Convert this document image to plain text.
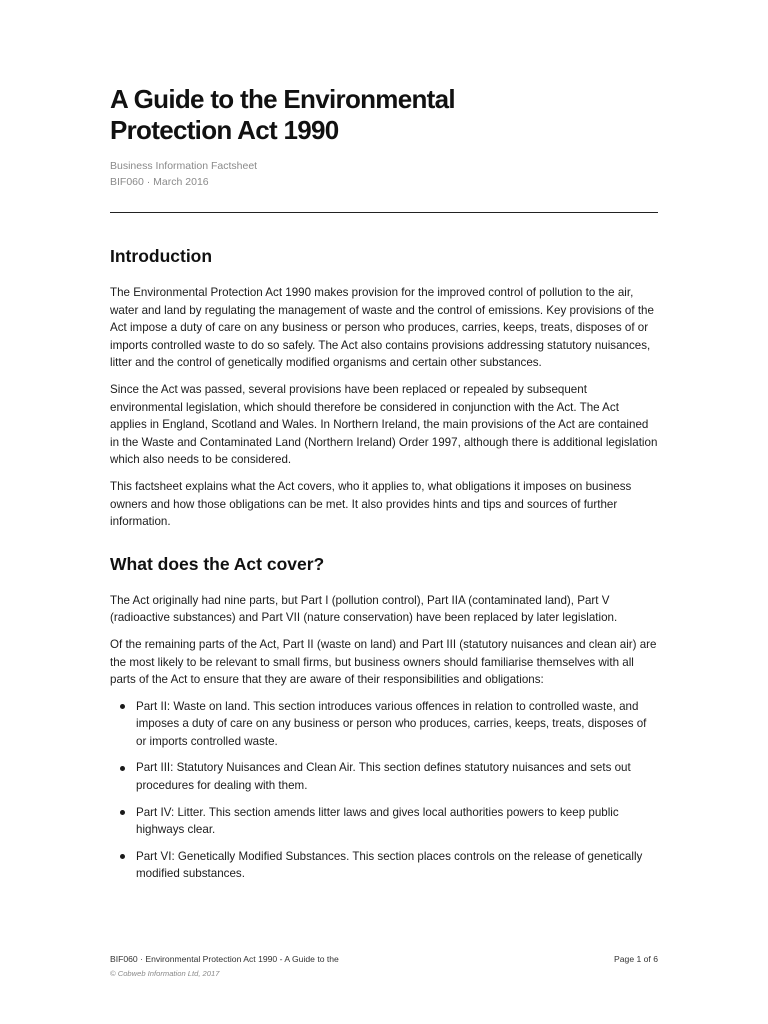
A Guide to the Environmental
Protection Act 1990
Business Information Factsheet
BIF060 · March 2016
Introduction

The Environmental Protection Act 1990 makes provision for the improved control of pollution to the air, water and land by regulating the management of waste and the control of emissions. Key provisions of the Act impose a duty of care on any business or person who produces, carries, keeps, treats, disposes of or imports controlled waste to do so safely. The Act also contains provisions addressing statutory nuisances, litter and the control of genetically modified organisms and certain other substances.

Since the Act was passed, several provisions have been replaced or repealed by subsequent environmental legislation, which should therefore be considered in conjunction with the Act. The Act applies in England, Scotland and Wales. In Northern Ireland, the main provisions of the Act are contained in the Waste and Contaminated Land (Northern Ireland) Order 1997, although there is additional legislation which also needs to be considered.

This factsheet explains what the Act covers, who it applies to, what obligations it imposes on business owners and how those obligations can be met. It also provides hints and tips and sources of further information.

What does the Act cover?

The Act originally had nine parts, but Part I (pollution control), Part IIA (contaminated land), Part V (radioactive substances) and Part VII (nature conservation) have been replaced by later legislation.

Of the remaining parts of the Act, Part II (waste on land) and Part III (statutory nuisances and clean air) are the most likely to be relevant to small firms, but business owners should familiarise themselves with all parts of the Act to ensure that they are aware of their responsibilities and obligations:

Part II: Waste on land. This section introduces various offences in relation to controlled waste, and imposes a duty of care on any business or person who produces, carries, keeps, treats, disposes of or imports controlled waste.
Part III: Statutory Nuisances and Clean Air. This section defines statutory nuisances and sets out procedures for dealing with them.
Part IV: Litter. This section amends litter laws and gives local authorities powers to keep public highways clear.
Part VI: Genetically Modified Substances. This section places controls on the release of genetically modified substances.
BIF060 · Environmental Protection Act 1990 - A Guide to the	Page 1 of 6
© Cobweb Information Ltd, 2017
